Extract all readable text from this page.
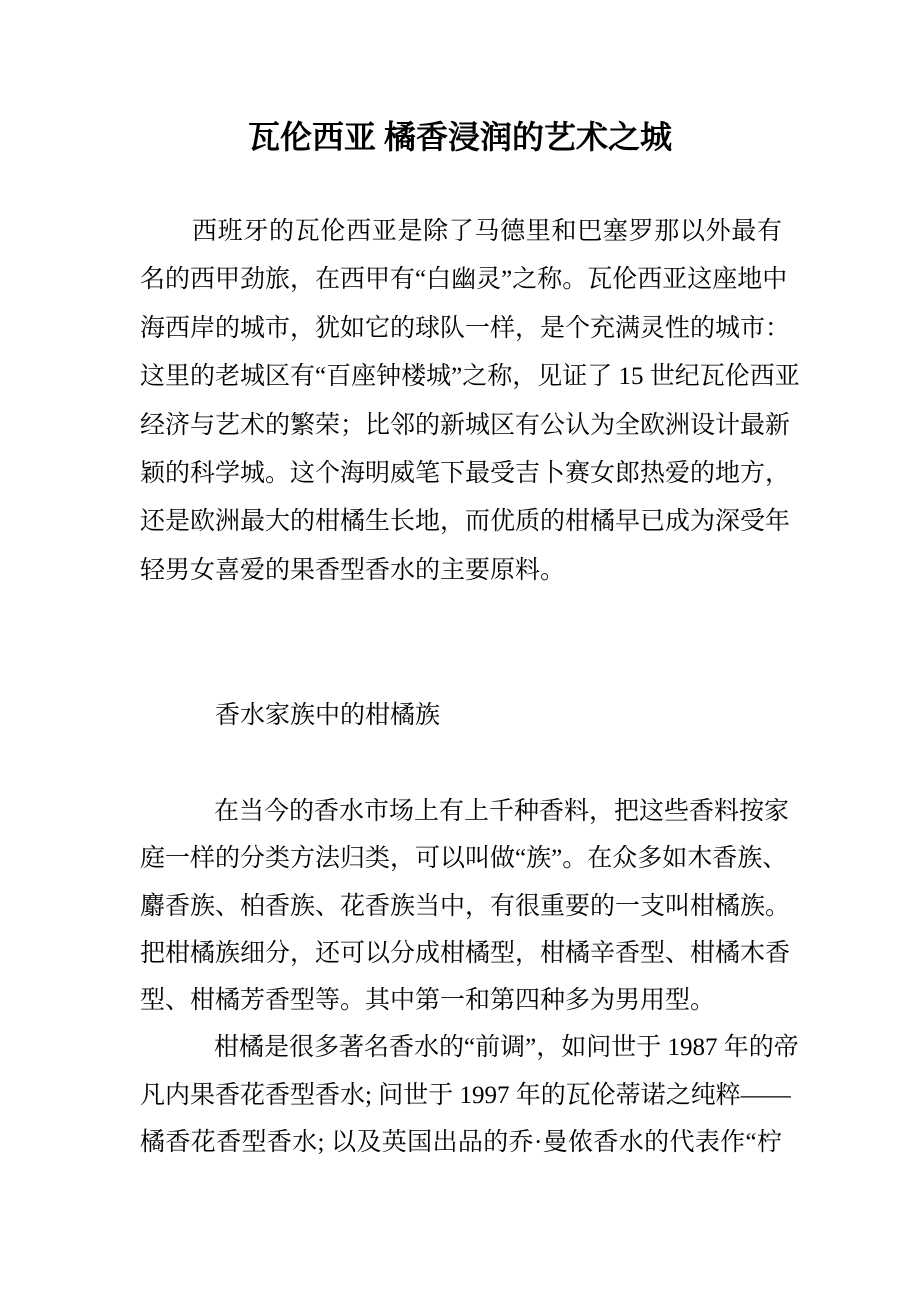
瓦伦西亚 橘香浸润的艺术之城
西班牙的瓦伦西亚是除了马德里和巴塞罗那以外最有
名的西甲劲旅，在西甲有“白幽灵”之称。瓦伦西亚这座地中
海西岸的城市，犹如它的球队一样，是个充满灵性的城市：
这里的老城区有“百座钟楼城”之称，见证了 15 世纪瓦伦西亚
经济与艺术的繁荣；比邻的新城区有公认为全欧洲设计最新
颖的科学城。这个海明威笔下最受吉卜赛女郎热爱的地方，
还是欧洲最大的柑橘生长地，而优质的柑橘早已成为深受年
轻男女喜爱的果香型香水的主要原料。
香水家族中的柑橘族
在当今的香水市场上有上千种香料，把这些香料按家
庭一样的分类方法归类，可以叫做“族”。在众多如木香族、
麝香族、柏香族、花香族当中，有很重要的一支叫柑橘族。
把柑橘族细分，还可以分成柑橘型，柑橘辛香型、柑橘木香
型、柑橘芳香型等。其中第一和第四种多为男用型。
柑橘是很多著名香水的“前调”，如问世于 1987 年的帝
凡内果香花香型香水; 问世于 1997 年的瓦伦蒂诺之纯粹——
橘香花香型香水; 以及英国出品的乔·曼侬香水的代表作“柠
